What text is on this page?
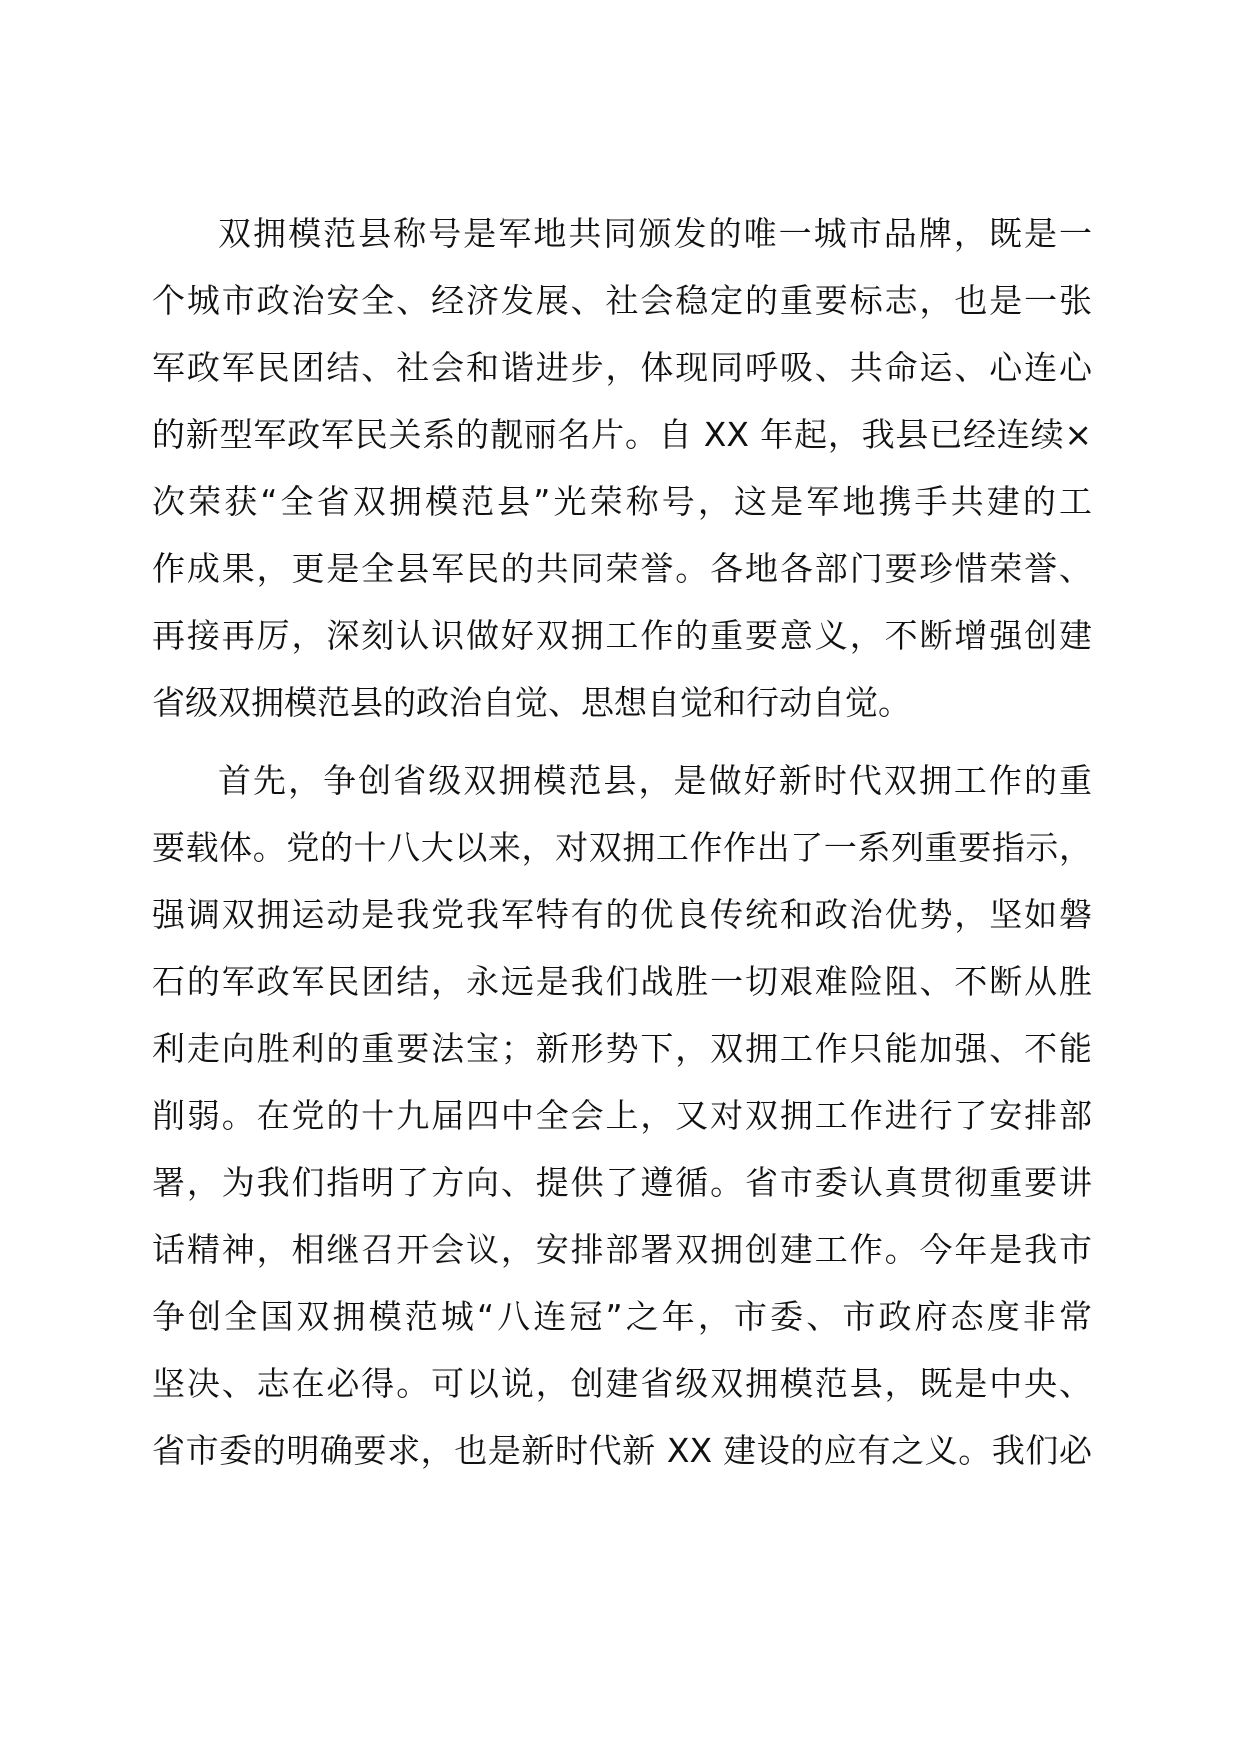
双拥模范县称号是军地共同颁发的唯一城市品牌，既是一
个城市政治安全、经济发展、社会稳定的重要标志，也是一张
军政军民团结、社会和谐进步，体现同呼吸、共命运、心连心
的新型军政军民关系的靓丽名片。自 XX 年起，我县已经连续×
次荣获“全省双拥模范县”光荣称号，这是军地携手共建的工
作成果，更是全县军民的共同荣誉。各地各部门要珍惜荣誉、
再接再厉，深刻认识做好双拥工作的重要意义，不断增强创建
省级双拥模范县的政治自觉、思想自觉和行动自觉。
首先，争创省级双拥模范县，是做好新时代双拥工作的重
要载体。党的十八大以来，对双拥工作作出了一系列重要指示，
强调双拥运动是我党我军特有的优良传统和政治优势，坚如磐
石的军政军民团结，永远是我们战胜一切艰难险阻、不断从胜
利走向胜利的重要法宝；新形势下，双拥工作只能加强、不能
削弱。在党的十九届四中全会上，又对双拥工作进行了安排部
署，为我们指明了方向、提供了遵循。省市委认真贯彻重要讲
话精神，相继召开会议，安排部署双拥创建工作。今年是我市
争创全国双拥模范城“八连冠”之年，市委、市政府态度非常
坚决、志在必得。可以说，创建省级双拥模范县，既是中央、
省市委的明确要求，也是新时代新 XX 建设的应有之义。我们必
